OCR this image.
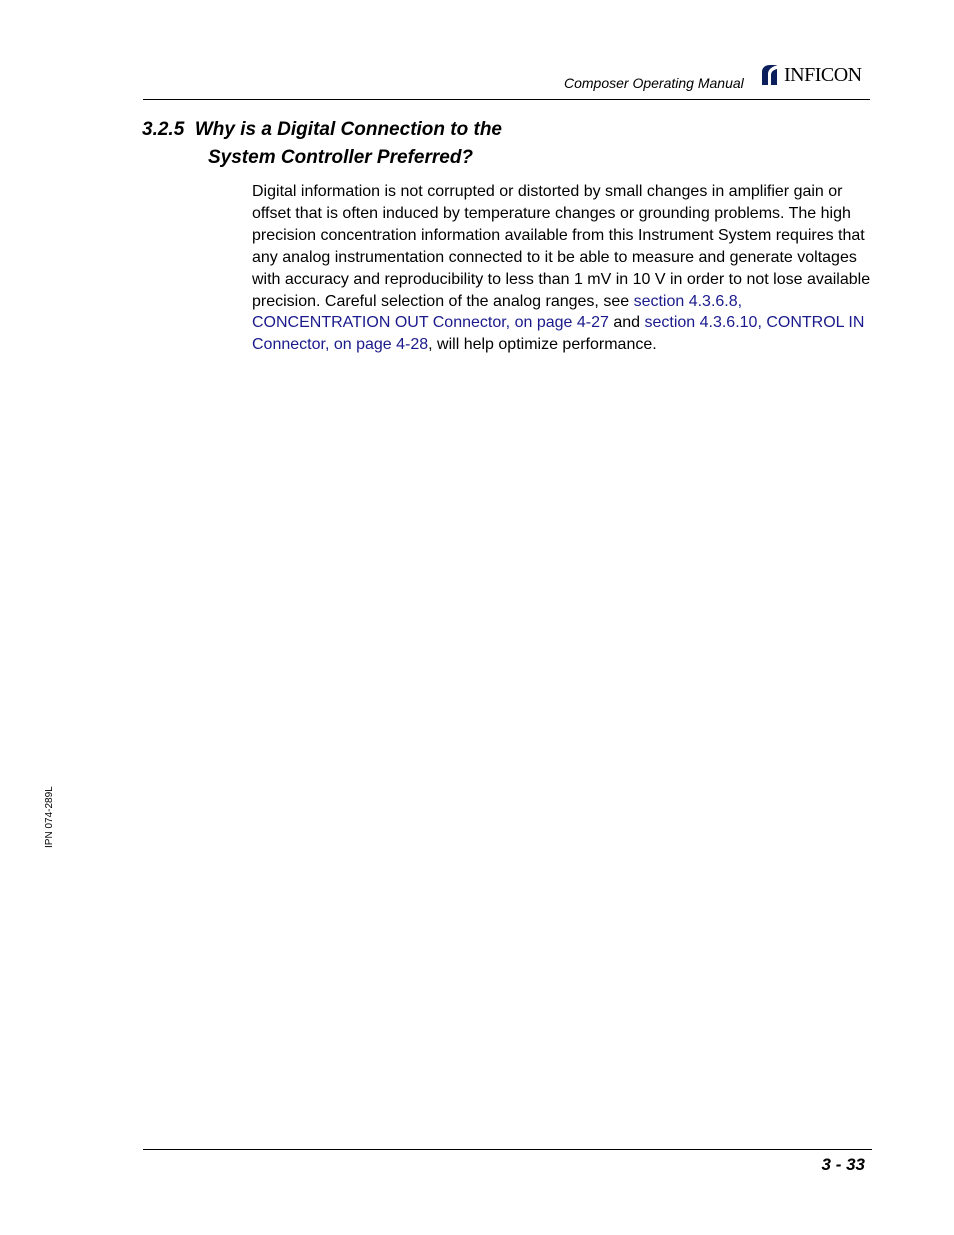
Composer Operating Manual INFICON
3.2.5 Why is a Digital Connection to the
System Controller Preferred?

Digital information is not corrupted or distorted by small changes in amplifier gain or offset that is often induced by temperature changes or grounding problems. The high precision concentration information available from this Instrument System requires that any analog instrumentation connected to it be able to measure and generate voltages with accuracy and reproducibility to less than 1 mV in 10 V in order to not lose available precision. Careful selection of the analog ranges, see section 4.3.6.8, CONCENTRATION OUT Connector, on page 4-27 and section 4.3.6.10, CONTROL IN Connector, on page 4-28, will help optimize performance.

IPN 074-289L
3 - 33
